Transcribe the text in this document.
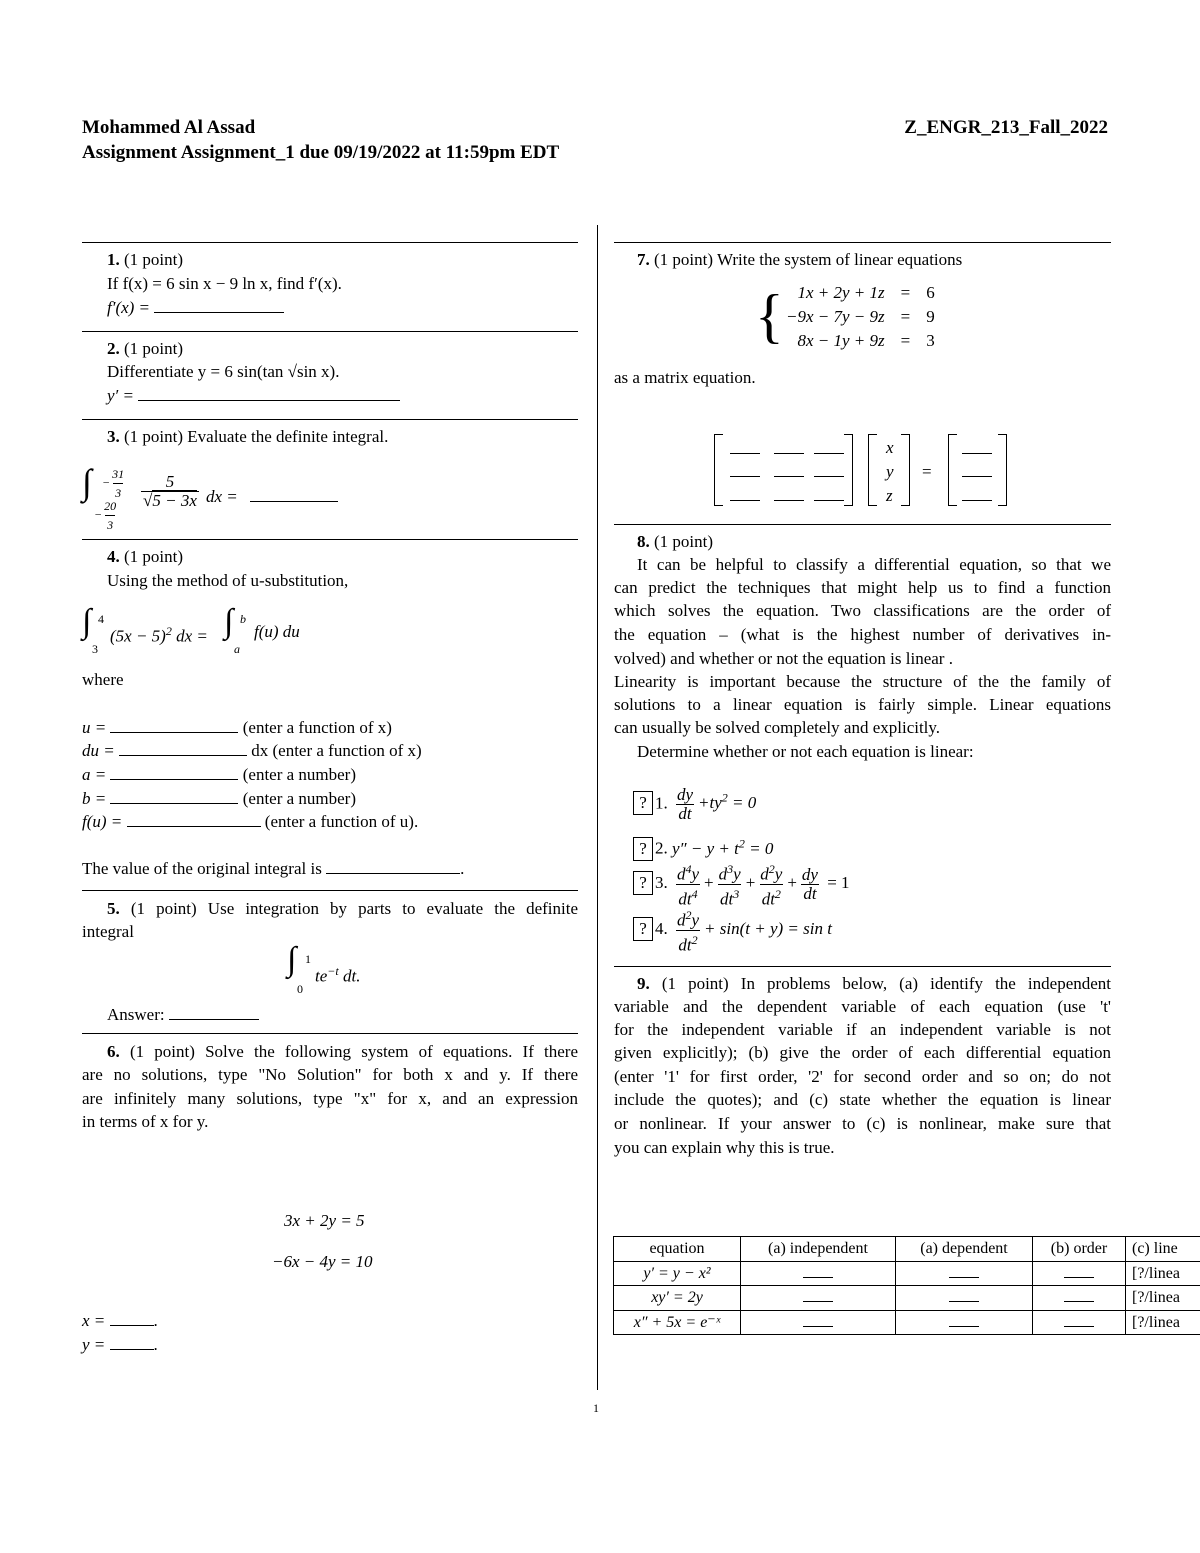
Mohammed Al Assad	Z_ENGR_213_Fall_2022
Assignment Assignment_1 due 09/19/2022 at 11:59pm EDT
1. (1 point)
If f(x) = 6 sin x − 9 ln x, find f′(x).
f′(x) =
2. (1 point)
Differentiate y = 6 sin(tan √sin x).
y′ =
3. (1 point) Evaluate the definite integral.
∫ − $\frac{31}{3}$
− $\frac{20}{3}$
$\frac{5}{√5 - 3x}$ dx =
4. (1 point)
Using the method of u-substitution,
∫ 4
3
$(5x - 5)^2$ dx = ∫ b
a
f(u) du
where
u =	(enter a function of x)
du =	dx (enter a function of x)
a =	(enter a number)
b =	(enter a number)
f(u) =	(enter a function of u).
The value of the original integral is	.
5. (1 point) Use integration by parts to evaluate the definite
integral
∫ 1
0
$te^{-t}$ dt.
Answer:
6. (1 point) Solve the following system of equations. If there
are no solutions, type "No Solution" for both x and y. If there
are infinitely many solutions, type "x" for x, and an expression
in terms of x for y.
3x + 2y = 5
−6x − 4y = 10
x =	.
y =	.
7. (1 point) Write the system of linear equations
{ 1x + 2y + 1z	=	6
−9x − 7y − 9z	=	9
8x − 1y + 9z	=	3
as a matrix equation.
x
y
z
=
8. (1 point)
It can be helpful to classify a differential equation, so that we
can predict the techniques that might help us to find a function
which solves the equation. Two classifications are the order of
the equation – (what is the highest number of derivatives in-
volved) and whether or not the equation is linear .
Linearity is important because the structure of the the family of
solutions to a linear equation is fairly simple. Linear equations
can usually be solved completely and explicitly.
Determine whether or not each equation is linear:
? 1. $\frac{dy}{dt} +ty^2 = 0$
? 2. $y'' - y + t^2 = 0$
? 3. $\frac{d^4y}{dt^4} + \frac{d^3y}{dt^3} + \frac{d^2y}{dt^2} + \frac{dy}{dt} = 1$
? 4. $\frac{d^2y}{dt^2} + \sin(t + y) = \sin t$
9. (1 point) In problems below, (a) identify the independent
variable and the dependent variable of each equation (use 't'
for the independent variable if an independent variable is not
given explicitly); (b) give the order of each differential equation
(enter '1' for first order, '2' for second order and so on; do not
include the quotes); and (c) state whether the equation is linear
or nonlinear. If your answer to (c) is nonlinear, make sure that
you can explain why this is true.
equation	(a) independent	(a) dependent	(b) order	(c) line
y′ = y − x²				[?/linea
xy′ = 2y				[?/linea
x″ + 5x = e⁻ˣ				[?/linea
1
